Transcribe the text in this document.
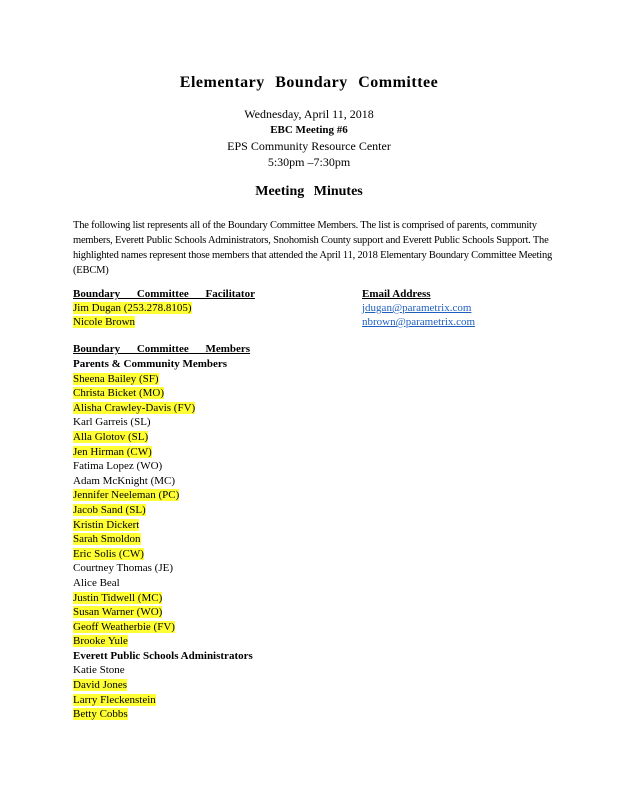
Elementary Boundary Committee
Wednesday, April 11, 2018
EBC Meeting #6
EPS Community Resource Center
5:30pm –7:30pm
Meeting Minutes
The following list represents all of the Boundary Committee Members. The list is comprised of parents, community members, Everett Public Schools Administrators, Snohomish County support and Everett Public Schools Support. The highlighted names represent those members that attended the April 11, 2018 Elementary Boundary Committee Meeting (EBCM)
Boundary Committee Facilitator	Email Address
Jim Dugan (253.278.8105)	jdugan@parametrix.com
Nicole Brown	nbrown@parametrix.com
Boundary Committee Members
Parents & Community Members
Sheena Bailey (SF)
Christa Bicket (MO)
Alisha Crawley-Davis (FV)
Karl Garreis (SL)
Alla Glotov (SL)
Jen Hirman (CW)
Fatima Lopez (WO)
Adam McKnight (MC)
Jennifer Neeleman (PC)
Jacob Sand (SL)
Kristin Dickert
Sarah Smoldon
Eric Solis (CW)
Courtney Thomas (JE)
Alice Beal
Justin Tidwell (MC)
Susan Warner (WO)
Geoff Weatherbie (FV)
Brooke Yule
Everett Public Schools Administrators
Katie Stone
David Jones
Larry Fleckenstein
Betty Cobbs
